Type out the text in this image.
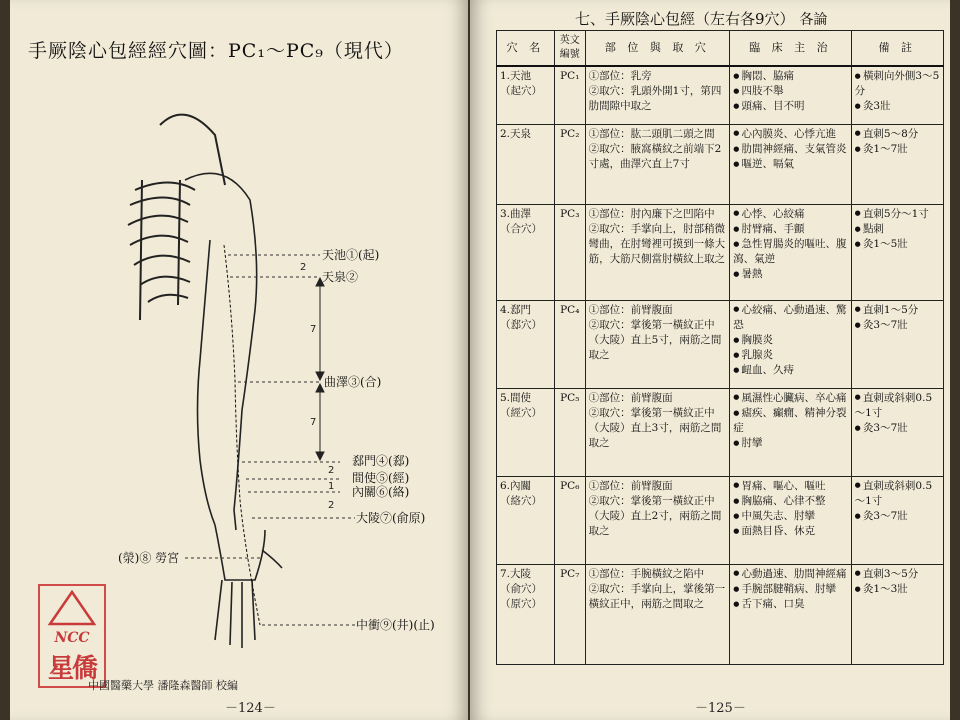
手厥陰心包經經穴圖：PC₁～PC₉（現代）
2
7
7
2
1
2
天池①(起)
天泉②
曲澤③(合)
郄門④(郄)
間使⑤(經)
內關⑥(絡)
大陵⑦(俞原)
(滎)⑧ 勞宮
中衝⑨(井)(止)
NCC
星僑
中國醫藥大學 潘隆森醫師 校編
－124－
七、手厥陰心包經（左右各9穴） 各論
穴 名	英文編號	部 位 與 取 穴	臨 床 主 治	備 註

1.天池
（起穴）	PC₁	①部位：乳旁
②取穴：乳頭外開1寸，第四肋間隙中取之	● 胸悶、脇痛
● 四肢不舉
● 頭痛、目不明	● 橫刺向外側3～5分
● 灸3壯

2.天泉	PC₂	①部位：肱二頭肌二頭之間
②取穴：腋窩橫紋之前端下2寸處，曲澤穴直上7寸	● 心內膜炎、心悸亢進
● 肋間神經痛、支氣管炎
● 嘔逆、嗝氣	● 直刺5～8分
● 灸1～7壯

3.曲澤
（合穴）	PC₃	①部位：肘內廉下之凹陷中
②取穴：手掌向上，肘部稍微彎曲，在肘彎裡可摸到一條大筋，大筋尺側當肘橫紋上取之	● 心悸、心絞痛
● 肘臂痛、手顫
● 急性胃腸炎的嘔吐、腹瀉、氣逆
● 暑熱	● 直刺5分～1寸
● 點刺
● 灸1～5壯

4.郄門
（郄穴）	PC₄	①部位：前臂腹面
②取穴：掌後第一橫紋正中（大陵）直上5寸，兩筋之間取之	● 心絞痛、心動過速、驚恐
● 胸膜炎
● 乳腺炎
● 衄血、久痔	● 直刺1～5分
● 灸3～7壯

5.間使
（經穴）	PC₅	①部位：前臂腹面
②取穴：掌後第一橫紋正中（大陵）直上3寸，兩筋之間取之	● 風濕性心臟病、卒心痛
● 瘧疾、癲癇、精神分裂症
● 肘攣	● 直刺或斜刺0.5～1寸
● 灸3～7壯

6.內關
（絡穴）	PC₆	①部位：前臂腹面
②取穴：掌後第一橫紋正中（大陵）直上2寸，兩筋之間取之	● 胃痛、嘔心、嘔吐
● 胸脇痛、心律不整
● 中風失志、肘攣
● 面熱目昏、休克	● 直刺或斜刺0.5～1寸
● 灸3～7壯

7.大陵
（俞穴）（原穴）	PC₇	①部位：手腕橫紋之陷中
②取穴：手掌向上，掌後第一橫紋正中，兩筋之間取之	● 心動過速、肋間神經痛
● 手腕部腱鞘病、肘攣
● 舌下痛、口臭	● 直刺3～5分
● 灸1～3壯
－125－
